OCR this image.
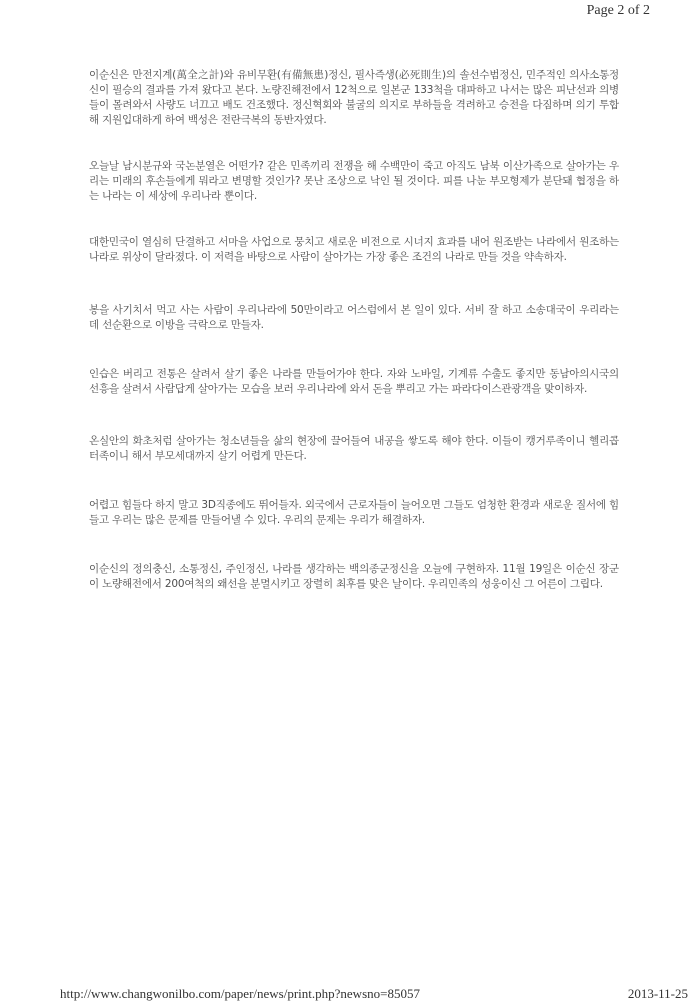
Page 2 of 2

이순신은 만전지계(萬全之計)와 유비무환(有備無患)정신, 필사즉생(必死則生)의 솔선수범정신, 민주적인 의사소통정신이 필승의 결과를 가져 왔다고 본다. 노량진해전에서 12척으로 일본군 133척을 대파하고 나서는 많은 피난선과 의병들이 몰려와서 사량도 너끄고 배도 건조했다. 정신혁회와 불굴의 의지로 부하들을 격려하고 승전을 다짐하며 의기 투합해 지원입대하게 하여 백성은 전란극복의 동반자였다.

오늘날 남시분규와 국논분열은 어떤가? 같은 민족끼리 전쟁을 해 수백만이 죽고 아직도 남북 이산가족으로 살아가는 우리는 미래의 후손들에게 뭐라고 변명할 것인가? 못난 조상으로 낙인 될 것이다. 피를 나눈 부모형제가 분단돼 협정을 하는 나라는 이 세상에 우리나라 뿐이다.

대한민국이 열심히 단결하고 서마을 사업으로 뭉치고 새로운 비전으로 시너지 효과를 내어 원조받는 나라에서 원조하는 나라로 위상이 달라졌다. 이 저력을 바탕으로 사람이 살아가는 가장 좋은 조건의 나라로 만들 것을 약속하자.

봉을 사기치서 먹고 사는 사람이 우리나라에 50만이라고 어스럼에서 본 일이 있다. 서비 잘 하고 소송대국이 우리라는데 선순환으로 이방을 극락으로 만들자.

인습은 버리고 전통은 살려서 살기 좋은 나라를 만들어가야 한다. 자와 노바일, 기계류 수출도 좋지만 동남아의시국의 선흥을 살려서 사람답게 살아가는 모습을 보러 우리나라에 와서 돈을 뿌리고 가는 파라다이스관광객을 맞이하자.

온실안의 화초처럼 살아가는 청소년들을 삶의 현장에 끌어들여 내공을 쌓도록 해야 한다. 이들이 캥거루족이니 헬리콥터족이니 해서 부모세대까지 살기 어렵게 만든다.

어렵고 힘들다 하지 말고 3D직종에도 뛰어들자. 외국에서 근로자들이 늘어오면 그들도 엄청한 환경과 새로운 질서에 힘들고 우리는 많은 문제를 만들어낼 수 있다. 우리의 문제는 우리가 해결하자.

이순신의 정의충신, 소통정신, 주인정신, 나라를 생각하는 백의종군정신을 오늘에 구현하자. 11월 19일은 이순신 장군이 노량해전에서 200여척의 왜선을 분멸시키고 장렬히 최후를 맞은 날이다. 우리민족의 성웅이신 그 어른이 그립다.

http://www.changwonilbo.com/paper/news/print.php?newsno=85057	2013-11-25
